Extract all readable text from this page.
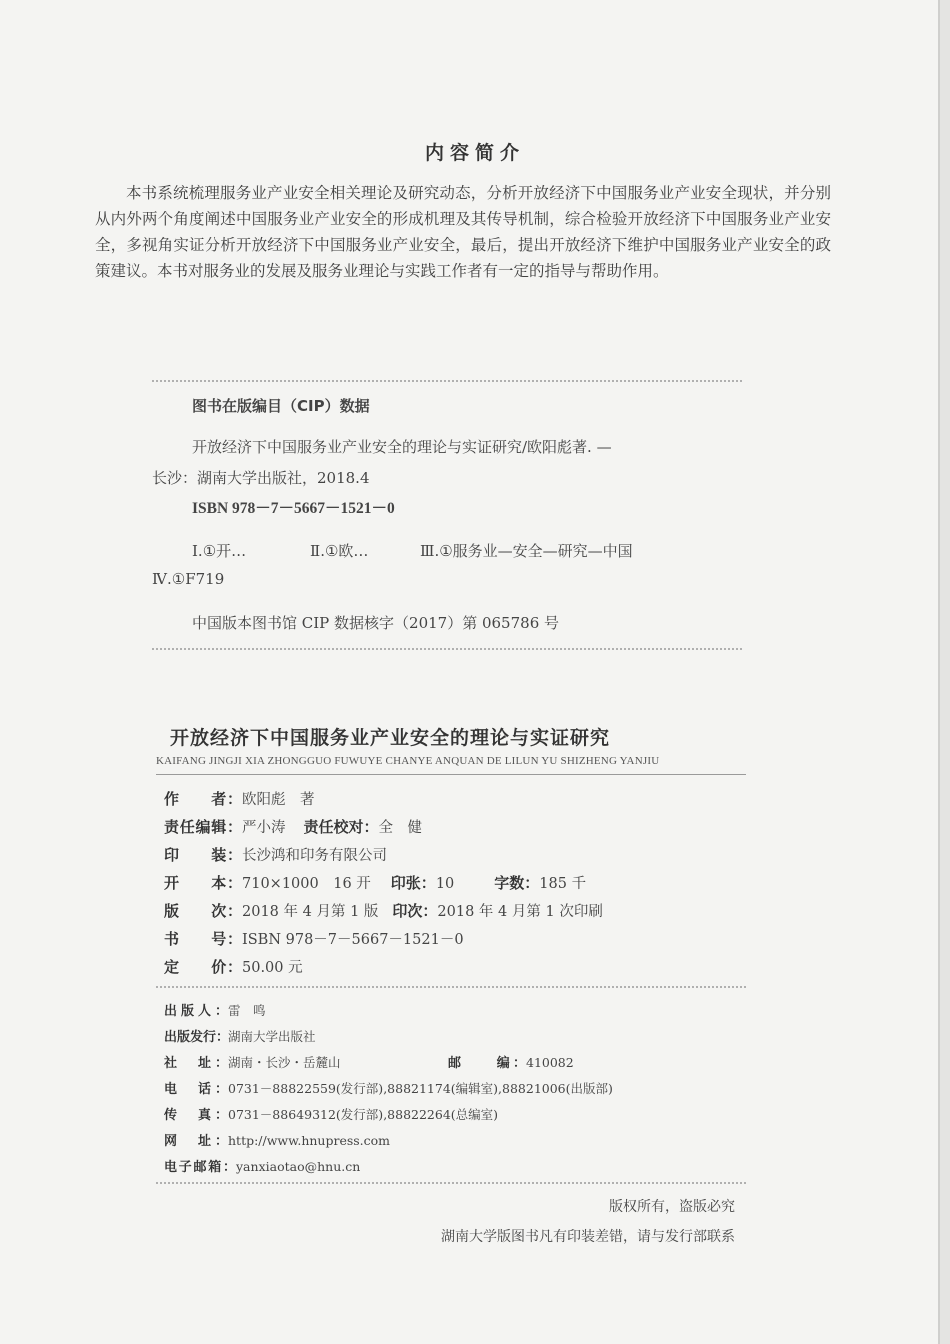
内容简介

本书系统梳理服务业产业安全相关理论及研究动态，分析开放经济下中国服务业产业安全现状，并分别从内外两个角度阐述中国服务业产业安全的形成机理及其传导机制，综合检验开放经济下中国服务业产业安全，多视角实证分析开放经济下中国服务业产业安全，最后，提出开放经济下维护中国服务业产业安全的政策建议。本书对服务业的发展及服务业理论与实践工作者有一定的指导与帮助作用。

图书在版编目（CIP）数据
开放经济下中国服务业产业安全的理论与实证研究/欧阳彪著. —
长沙：湖南大学出版社，2018.4
ISBN 978－7－5667－1521－0
Ⅰ.①开…	Ⅱ.①欧…	Ⅲ.①服务业—安全—研究—中国
Ⅳ.①F719
中国版本图书馆 CIP 数据核字（2017）第 065786 号
开放经济下中国服务业产业安全的理论与实证研究
KAIFANG JINGJI XIA ZHONGGUO FUWUYE CHANYE ANQUAN DE LILUN YU SHIZHENG YANJIU
作　　者：欧阳彪　著
责任编辑：严小涛 责任校对：全　健
印　　装：长沙鸿和印务有限公司
开　　本：710×1000　16 开 印张：10	字数：185 千
版　　次：2018 年 4 月第 1 版 印次：2018 年 4 月第 1 次印刷
书　　号：ISBN 978－7－5667－1521－0
定　　价：50.00 元
出版人：雷　鸣
出版发行：湖南大学出版社
社　址：湖南・长沙・岳麓山	邮　　编：410082
电　话：0731－88822559(发行部),88821174(编辑室),88821006(出版部)
传　真：0731－88649312(发行部),88822264(总编室)
网　址：http://www.hnupress.com
电子邮箱：yanxiaotao@hnu.cn
版权所有，盗版必究
湖南大学版图书凡有印装差错，请与发行部联系
